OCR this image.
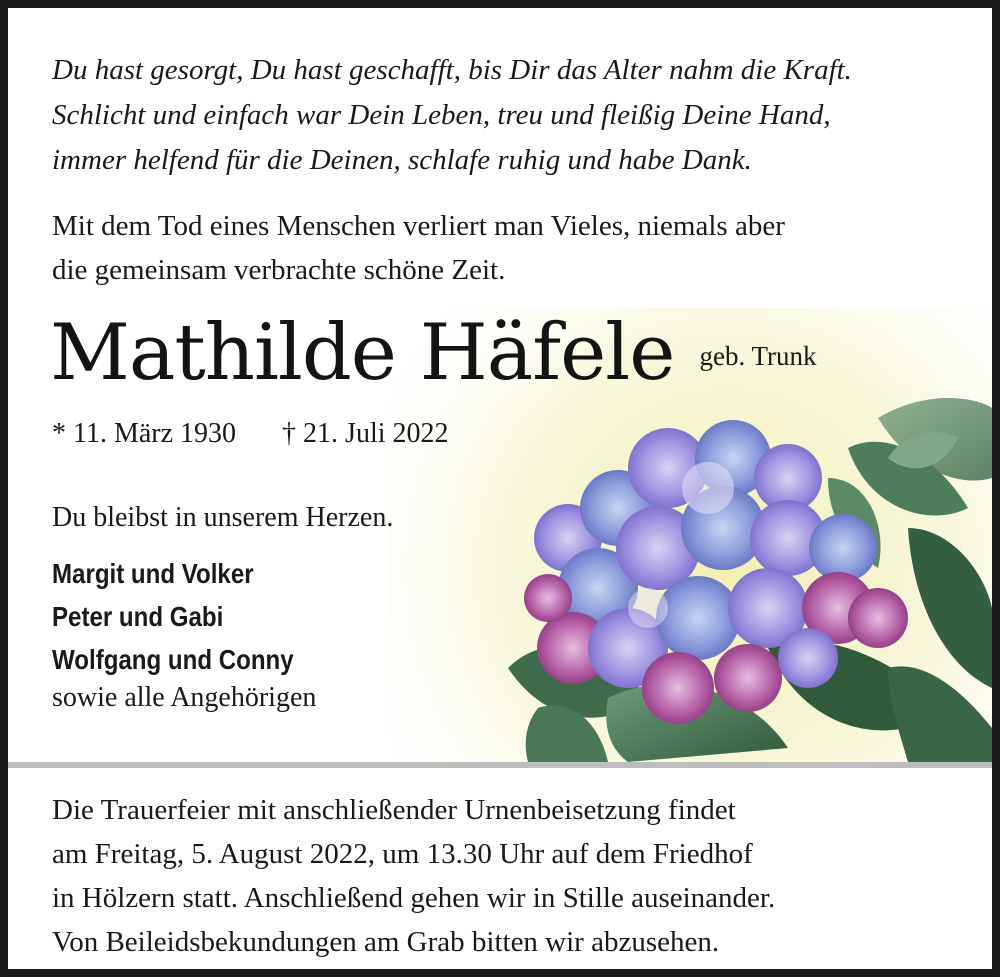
Du hast gesorgt, Du hast geschafft, bis Dir das Alter nahm die Kraft.
Schlicht und einfach war Dein Leben, treu und fleißig Deine Hand,
immer helfend für die Deinen, schlafe ruhig und habe Dank.
Mit dem Tod eines Menschen verliert man Vieles, niemals aber
die gemeinsam verbrachte schöne Zeit.
Mathilde Häfele geb. Trunk
* 11. März 1930 † 21. Juli 2022
Du bleibst in unserem Herzen.
Margit und Volker
Peter und Gabi
Wolfgang und Conny
sowie alle Angehörigen
Die Trauerfeier mit anschließender Urnenbeisetzung findet
am Freitag, 5. August 2022, um 13.30 Uhr auf dem Friedhof
in Hölzern statt. Anschließend gehen wir in Stille auseinander.
Von Beileidsbekundungen am Grab bitten wir abzusehen.
